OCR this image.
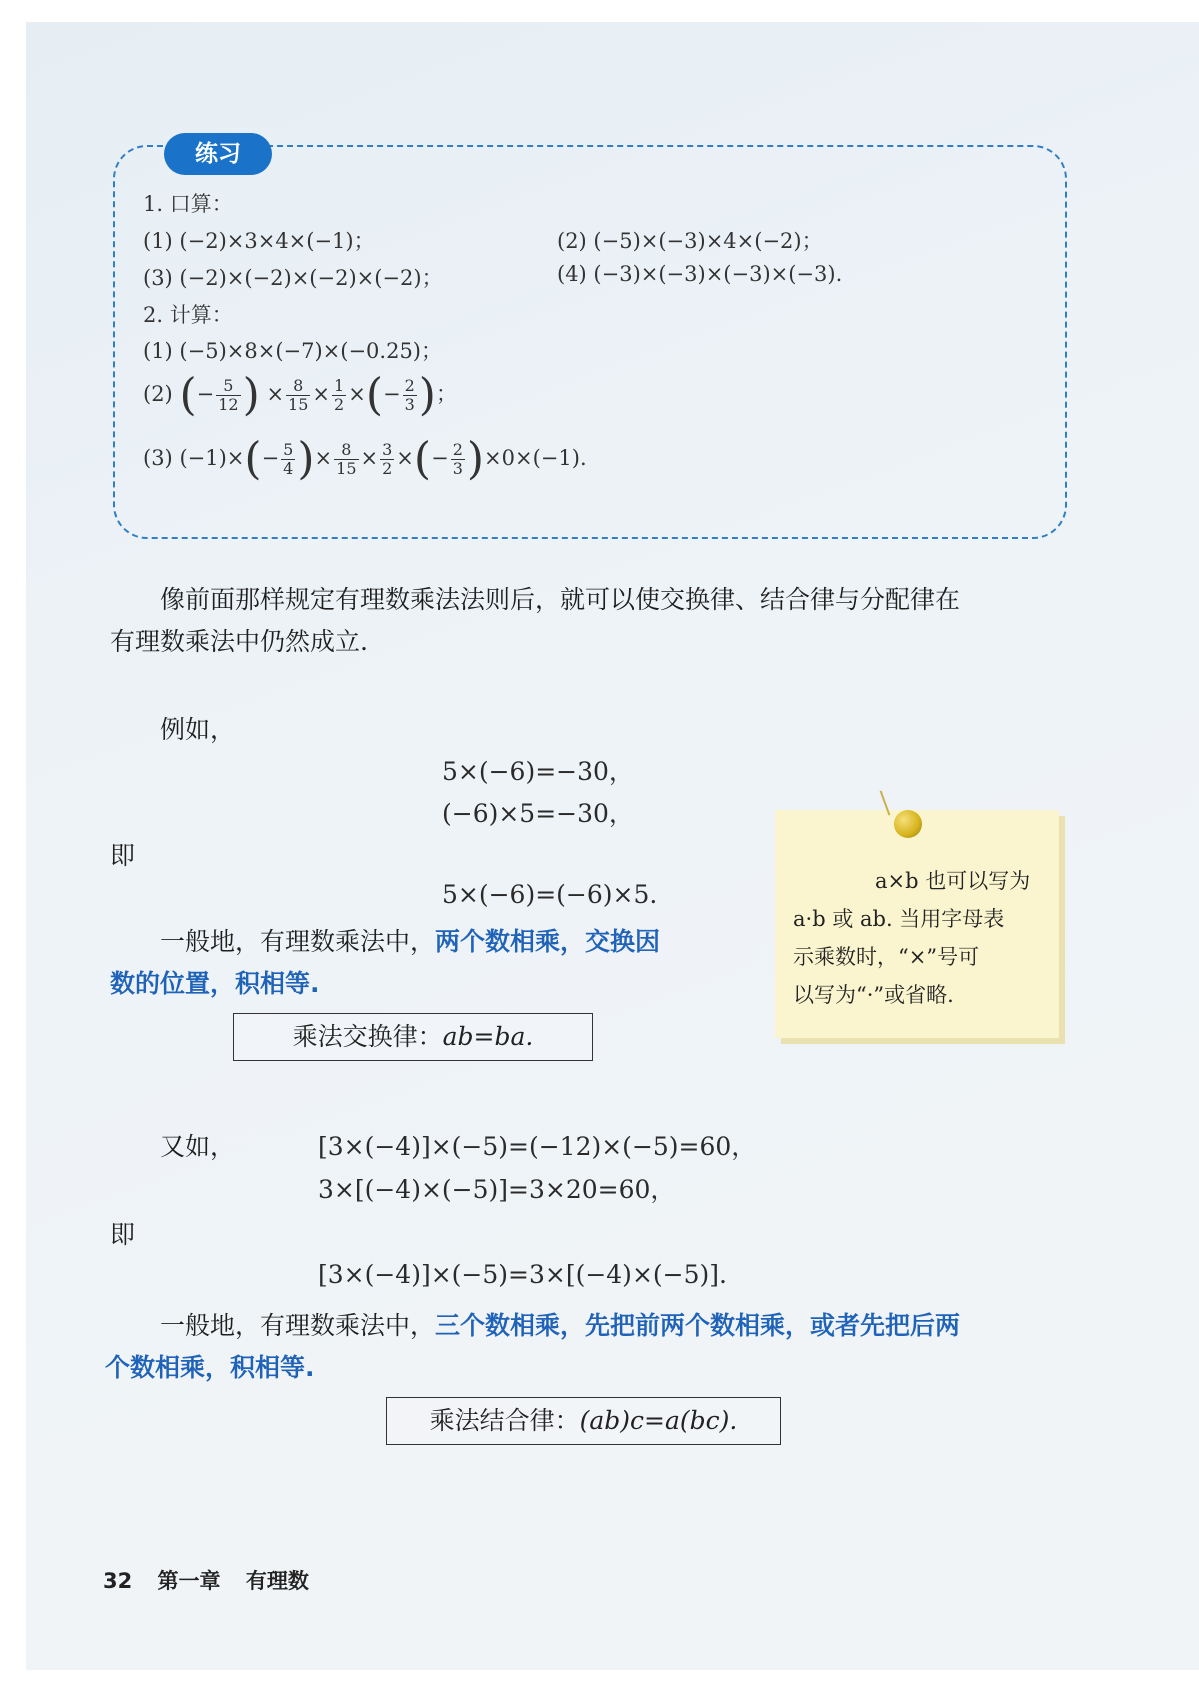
练习
1. 口算：
(1) (−2)×3×4×(−1)；	(2) (−5)×(−3)×4×(−2)；
(3) (−2)×(−2)×(−2)×(−2)；	(4) (−3)×(−3)×(−3)×(−3).
2. 计算：
(1) (−5)×8×(−7)×(−0.25)；
(2) (− $\frac{5}{12}$ ) × $\frac{8}{15} \times \frac{1}{2}$ ×(− $\frac{2}{3}$ )；
(3) $(-1)\times(- \frac{5}{4}$ )× $\frac{8}{15} \times \frac{3}{2}$ ×(− $\frac{2}{3} )\times 0\times(-1)$.
像前面那样规定有理数乘法法则后，就可以使交换律、结合律与分配律在
有理数乘法中仍然成立.
例如，
5×(−6)=−30，
(−6)×5=−30，
即
5×(−6)=(−6)×5.
一般地，有理数乘法中，两个数相乘，交换因
数的位置，积相等.
乘法交换律：ab=ba.
a×b 也可以写为
a·b 或 ab. 当用字母表
示乘数时，“×”号可
以写为“·”或省略.
又如，	[3×(−4)]×(−5)=(−12)×(−5)=60，
3×[(−4)×(−5)]=3×20=60，
即
[3×(−4)]×(−5)=3×[(−4)×(−5)].
一般地，有理数乘法中，三个数相乘，先把前两个数相乘，或者先把后两
个数相乘，积相等.
乘法结合律：(ab)c=a(bc).
32 第一章 有理数
